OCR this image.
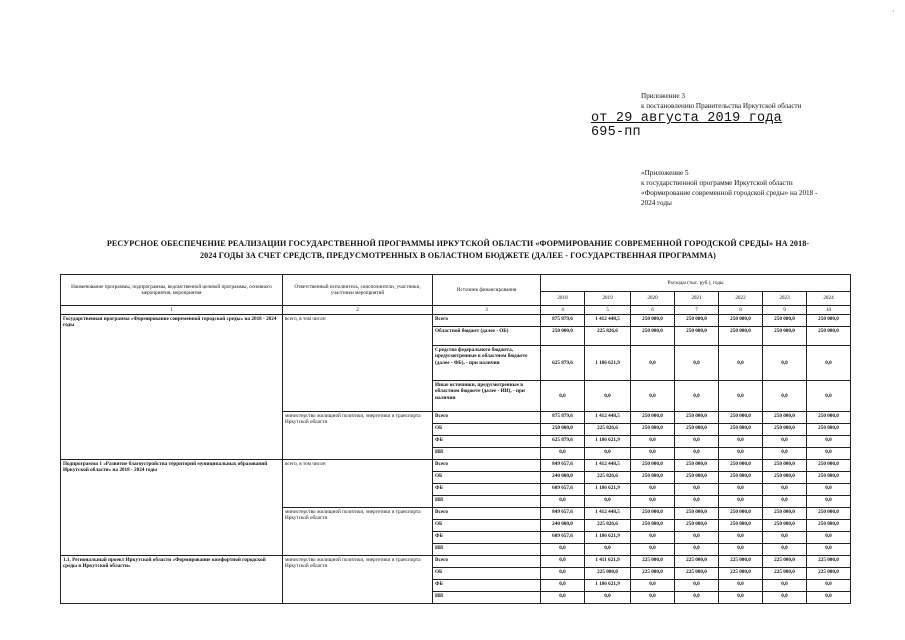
Приложение 3
к постановлению Правительства Иркутской области
от 29 августа 2019 года
695-пп
«Приложение 5
к государственной программе Иркутской области
«Формирование современной городской среды» на 2018 -
2024 годы
РЕСУРСНОЕ ОБЕСПЕЧЕНИЕ РЕАЛИЗАЦИИ ГОСУДАРСТВЕННОЙ ПРОГРАММЫ ИРКУТСКОЙ ОБЛАСТИ «ФОРМИРОВАНИЕ СОВРЕМЕННОЙ ГОРОДСКОЙ СРЕДЫ» НА 2018-
2024 ГОДЫ ЗА СЧЕТ СРЕДСТВ, ПРЕДУСМОТРЕННЫХ В ОБЛАСТНОМ БЮДЖЕТЕ (ДАЛЕЕ - ГОСУДАРСТВЕННАЯ ПРОГРАММА)
Наименование программы, подпрограммы, ведомственной целевой программы, основного мероприятия, мероприятия	Ответственный исполнитель, соисполнители, участники, участники мероприятий	Источник финансирования	Расходы (тыс. руб.), годы						
			2018	2019	2020	2021	2022	2023	2024
1	2	3	4	5	6	7	8	9	10
Государственная программа «Формирование современной городской среды» на 2018 - 2024 годы	всего, в том числе:	Всего	875 879,6	1 412 448,5	250 000,0	250 000,0	250 000,0	250 000,0	250 000,0
		Областной бюджет (далее - ОБ)	250 000,0	225 826,6	250 000,0	250 000,0	250 000,0	250 000,0	250 000,0
		Средства федерального бюджета, предусмотренные в областном бюджете (далее - ФБ), - при наличии	625 879,6	1 186 621,9	0,0	0,0	0,0	0,0	0,0
		Иные источники, предусмотренные в областном бюджете (далее - ИИ), - при наличии	0,0	0,0	0,0	0,0	0,0	0,0	0,0
	министерство жилищной политики, энергетики и транспорта Иркутской области	Всего	875 879,6	1 412 448,5	250 000,0	250 000,0	250 000,0	250 000,0	250 000,0
		ОБ	250 000,0	225 826,6	250 000,0	250 000,0	250 000,0	250 000,0	250 000,0
		ФБ	625 879,6	1 186 621,9	0,0	0,0	0,0	0,0	0,0
		ИИ	0,0	0,0	0,0	0,0	0,0	0,0	0,0
Подпрограмма 1 «Развитие благоустройства территорий муниципальных образований Иркутской области» на 2018 - 2024 годы	всего, в том числе:	Всего	849 657,6	1 412 448,5	250 000,0	250 000,0	250 000,0	250 000,0	250 000,0
		ОБ	240 000,0	225 826,6	250 000,0	250 000,0	250 000,0	250 000,0	250 000,0
		ФБ	609 657,6	1 186 621,9	0,0	0,0	0,0	0,0	0,0
		ИИ	0,0	0,0	0,0	0,0	0,0	0,0	0,0
	министерство жилищной политики, энергетики и транспорта Иркутской области	Всего	849 657,6	1 412 448,5	250 000,0	250 000,0	250 000,0	250 000,0	250 000,0
		ОБ	240 000,0	225 826,6	250 000,0	250 000,0	250 000,0	250 000,0	250 000,0
		ФБ	609 657,6	1 186 621,9	0,0	0,0	0,0	0,0	0,0
		ИИ	0,0	0,0	0,0	0,0	0,0	0,0	0,0
1.1. Региональный проект Иркутской области «Формирование комфортной городской среды в Иркутской области»	министерство жилищной политики, энергетики и транспорта Иркутской области	Всего	0,0	1 411 621,9	225 000,0	225 000,0	225 000,0	225 000,0	225 000,0
		ОБ	0,0	225 000,0	225 000,0	225 000,0	225 000,0	225 000,0	225 000,0
		ФБ	0,0	1 186 621,9	0,0	0,0	0,0	0,0	0,0
		ИИ	0,0	0,0	0,0	0,0	0,0	0,0	0,0
·
